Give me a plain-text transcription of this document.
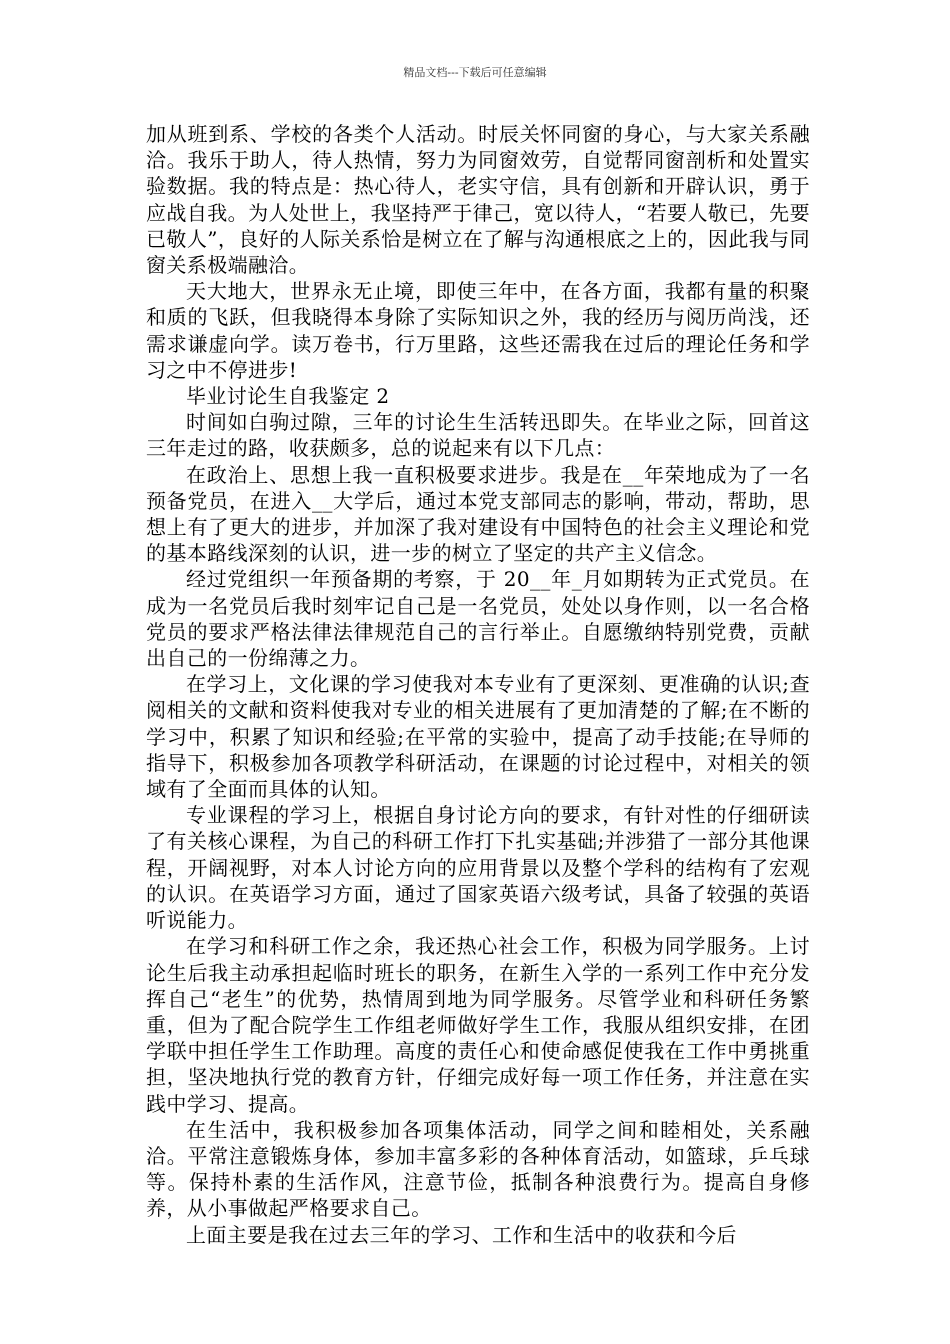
精品文档---下载后可任意编辑

加从班到系、学校的各类个人活动。时辰关怀同窗的身心，与大家关系融洽。我乐于助人，待人热情，努力为同窗效劳，自觉帮同窗剖析和处置实验数据。我的特点是：热心待人，老实守信，具有创新和开辟认识，勇于应战自我。为人处世上，我坚持严于律己，宽以待人，“若要人敬已，先要已敬人”，良好的人际关系恰是树立在了解与沟通根底之上的，因此我与同窗关系极端融洽。

天大地大，世界永无止境，即使三年中，在各方面，我都有量的积聚和质的飞跃，但我晓得本身除了实际知识之外，我的经历与阅历尚浅，还需求谦虚向学。读万卷书，行万里路，这些还需我在过后的理论任务和学习之中不停进步!

毕业讨论生自我鉴定 2

时间如白驹过隙，三年的讨论生生活转迅即失。在毕业之际，回首这三年走过的路，收获颇多，总的说起来有以下几点：

在政治上、思想上我一直积极要求进步。我是在__年荣地成为了一名预备党员，在进入__大学后，通过本党支部同志的影响，带动，帮助，思想上有了更大的进步，并加深了我对建设有中国特色的社会主义理论和党的基本路线深刻的认识，进一步的树立了坚定的共产主义信念。

经过党组织一年预备期的考察，于 20__年_月如期转为正式党员。在成为一名党员后我时刻牢记自己是一名党员，处处以身作则，以一名合格党员的要求严格法律法律规范自己的言行举止。自愿缴纳特别党费，贡献出自己的一份绵薄之力。

在学习上，文化课的学习使我对本专业有了更深刻、更准确的认识;查阅相关的文献和资料使我对专业的相关进展有了更加清楚的了解;在不断的学习中，积累了知识和经验;在平常的实验中，提高了动手技能;在导师的指导下，积极参加各项教学科研活动，在课题的讨论过程中，对相关的领域有了全面而具体的认知。

专业课程的学习上，根据自身讨论方向的要求，有针对性的仔细研读了有关核心课程，为自己的科研工作打下扎实基础;并涉猎了一部分其他课程，开阔视野，对本人讨论方向的应用背景以及整个学科的结构有了宏观的认识。在英语学习方面，通过了国家英语六级考试，具备了较强的英语听说能力。

在学习和科研工作之余，我还热心社会工作，积极为同学服务。上讨论生后我主动承担起临时班长的职务，在新生入学的一系列工作中充分发挥自己“老生”的优势，热情周到地为同学服务。尽管学业和科研任务繁重，但为了配合院学生工作组老师做好学生工作，我服从组织安排，在团学联中担任学生工作助理。高度的责任心和使命感促使我在工作中勇挑重担，坚决地执行党的教育方针，仔细完成好每一项工作任务，并注意在实践中学习、提高。

在生活中，我积极参加各项集体活动，同学之间和睦相处，关系融洽。平常注意锻炼身体，参加丰富多彩的各种体育活动，如篮球，乒乓球等。保持朴素的生活作风，注意节俭，抵制各种浪费行为。提高自身修养，从小事做起严格要求自己。

上面主要是我在过去三年的学习、工作和生活中的收获和今后
